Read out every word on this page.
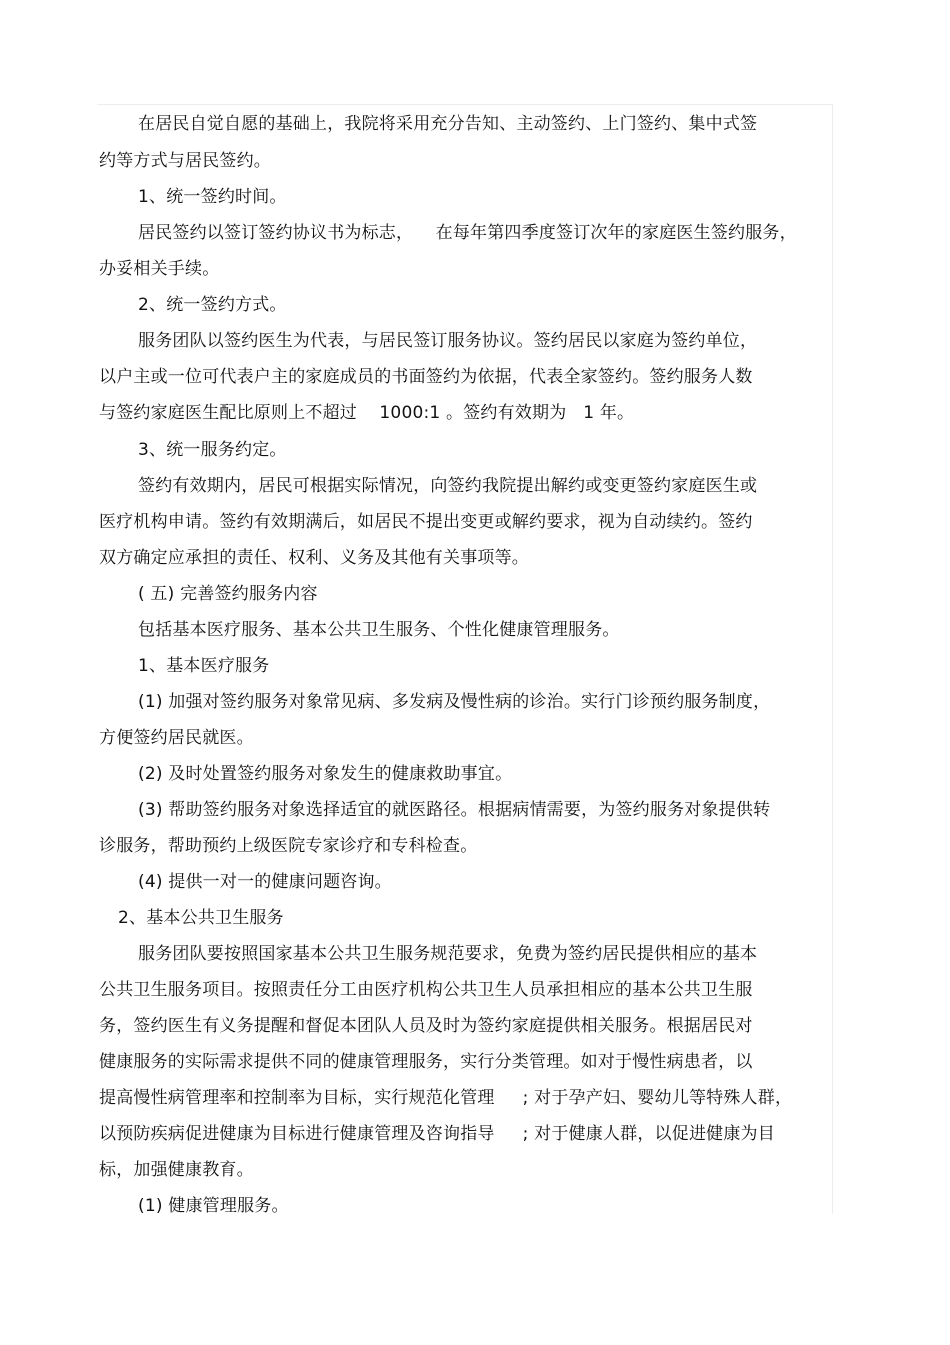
在居民自觉自愿的基础上，我院将采用充分告知、主动签约、上门签约、集中式签
约等方式与居民签约。
1、统一签约时间。
居民签约以签订签约协议书为标志，    在每年第四季度签订次年的家庭医生签约服务，
办妥相关手续。
2、统一签约方式。
服务团队以签约医生为代表，与居民签订服务协议。签约居民以家庭为签约单位，
以户主或一位可代表户主的家庭成员的书面签约为依据，代表全家签约。签约服务人数
与签约家庭医生配比原则上不超过    1000:1 。签约有效期为   1 年。
3、统一服务约定。
签约有效期内，居民可根据实际情况，向签约我院提出解约或变更签约家庭医生或
医疗机构申请。签约有效期满后，如居民不提出变更或解约要求，视为自动续约。签约
双方确定应承担的责任、权利、义务及其他有关事项等。
( 五) 完善签约服务内容
包括基本医疗服务、基本公共卫生服务、个性化健康管理服务。
1、基本医疗服务
(1) 加强对签约服务对象常见病、多发病及慢性病的诊治。实行门诊预约服务制度，
方便签约居民就医。
(2) 及时处置签约服务对象发生的健康救助事宜。
(3) 帮助签约服务对象选择适宜的就医路径。根据病情需要，为签约服务对象提供转
诊服务，帮助预约上级医院专家诊疗和专科检查。
(4) 提供一对一的健康问题咨询。
2、基本公共卫生服务
服务团队要按照国家基本公共卫生服务规范要求，免费为签约居民提供相应的基本
公共卫生服务项目。按照责任分工由医疗机构公共卫生人员承担相应的基本公共卫生服
务，签约医生有义务提醒和督促本团队人员及时为签约家庭提供相关服务。根据居民对
健康服务的实际需求提供不同的健康管理服务，实行分类管理。如对于慢性病患者，以
提高慢性病管理率和控制率为目标，实行规范化管理     ; 对于孕产妇、婴幼儿等特殊人群，
以预防疾病促进健康为目标进行健康管理及咨询指导     ; 对于健康人群，以促进健康为目
标，加强健康教育。
(1) 健康管理服务。
